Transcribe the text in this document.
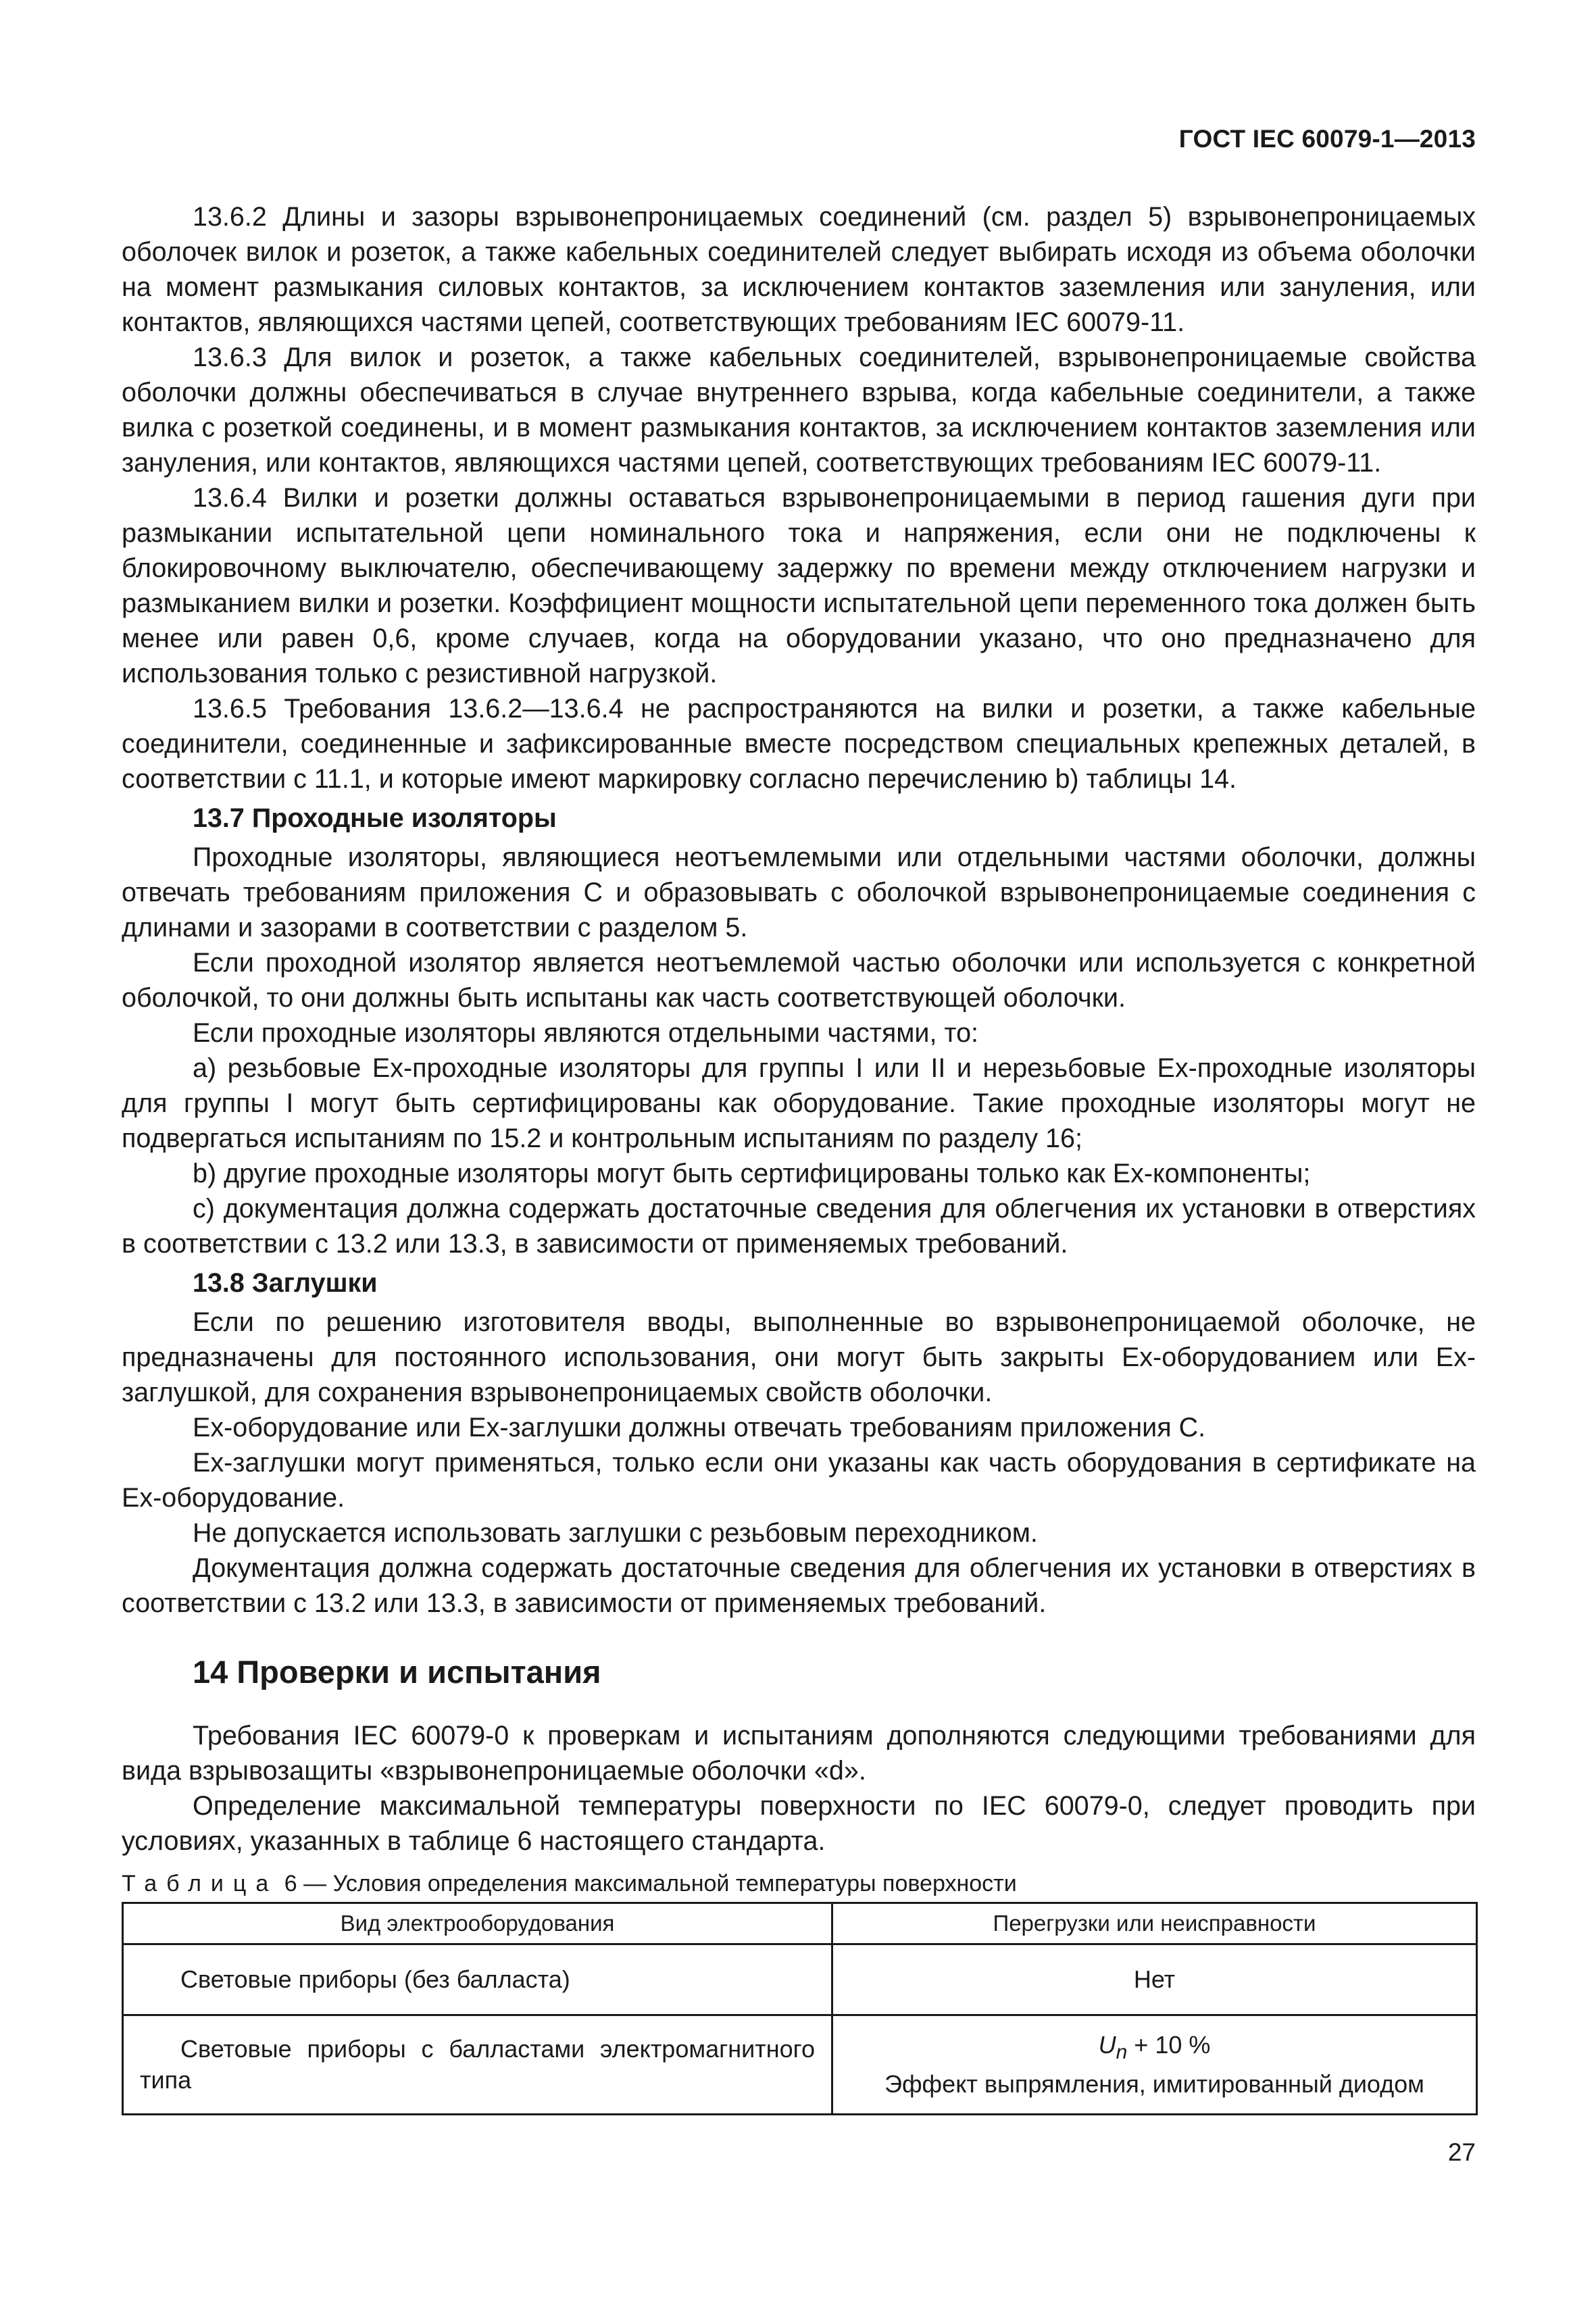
ГОСТ IEC 60079-1—2013

13.6.2 Длины и зазоры взрывонепроницаемых соединений (см. раздел 5) взрывонепроницаемых оболочек вилок и розеток, а также кабельных соединителей следует выбирать исходя из объема оболочки на момент размыкания силовых контактов, за исключением контактов заземления или зануления, или контактов, являющихся частями цепей, соответствующих требованиям IEC 60079-11.

13.6.3 Для вилок и розеток, а также кабельных соединителей, взрывонепроницаемые свойства оболочки должны обеспечиваться в случае внутреннего взрыва, когда кабельные соединители, а также вилка с розеткой соединены, и в момент размыкания контактов, за исключением контактов заземления или зануления, или контактов, являющихся частями цепей, соответствующих требованиям IEC 60079-11.

13.6.4 Вилки и розетки должны оставаться взрывонепроницаемыми в период гашения дуги при размыкании испытательной цепи номинального тока и напряжения, если они не подключены к блокировочному выключателю, обеспечивающему задержку по времени между отключением нагрузки и размыканием вилки и розетки. Коэффициент мощности испытательной цепи переменного тока должен быть менее или равен 0,6, кроме случаев, когда на оборудовании указано, что оно предназначено для использования только с резистивной нагрузкой.

13.6.5 Требования 13.6.2—13.6.4 не распространяются на вилки и розетки, а также кабельные соединители, соединенные и зафиксированные вместе посредством специальных крепежных деталей, в соответствии с 11.1, и которые имеют маркировку согласно перечислению b) таблицы 14.

13.7 Проходные изоляторы

Проходные изоляторы, являющиеся неотъемлемыми или отдельными частями оболочки, должны отвечать требованиям приложения С и образовывать с оболочкой взрывонепроницаемые соединения с длинами и зазорами в соответствии с разделом 5.

Если проходной изолятор является неотъемлемой частью оболочки или используется с конкретной оболочкой, то они должны быть испытаны как часть соответствующей оболочки.

Если проходные изоляторы являются отдельными частями, то:

а) резьбовые Ex-проходные изоляторы для группы I или II и нерезьбовые Ex-проходные изоляторы для группы I могут быть сертифицированы как оборудование. Такие проходные изоляторы могут не подвергаться испытаниям по 15.2 и контрольным испытаниям по разделу 16;

b) другие проходные изоляторы могут быть сертифицированы только как Ex-компоненты;

с) документация должна содержать достаточные сведения для облегчения их установки в отверстиях в соответствии с 13.2 или 13.3, в зависимости от применяемых требований.

13.8 Заглушки

Если по решению изготовителя вводы, выполненные во взрывонепроницаемой оболочке, не предназначены для постоянного использования, они могут быть закрыты Ex-оборудованием или Ex-заглушкой, для сохранения взрывонепроницаемых свойств оболочки.

Ex-оборудование или Ex-заглушки должны отвечать требованиям приложения С.

Ex-заглушки могут применяться, только если они указаны как часть оборудования в сертификате на Ex-оборудование.

Не допускается использовать заглушки с резьбовым переходником.

Документация должна содержать достаточные сведения для облегчения их установки в отверстиях в соответствии с 13.2 или 13.3, в зависимости от применяемых требований.

14 Проверки и испытания

Требования IEC 60079-0 к проверкам и испытаниям дополняются следующими требованиями для вида взрывозащиты «взрывонепроницаемые оболочки «d».

Определение максимальной температуры поверхности по IEC 60079-0, следует проводить при условиях, указанных в таблице 6 настоящего стандарта.

Таблица 6 — Условия определения максимальной температуры поверхности
Вид электрооборудования	Перегрузки или неисправности
Световые приборы (без балласта)	Нет
Световые приборы с балластами электромагнитного типа	$U_n + 10$ %
Эффект выпрямления, имитированный диодом
27
